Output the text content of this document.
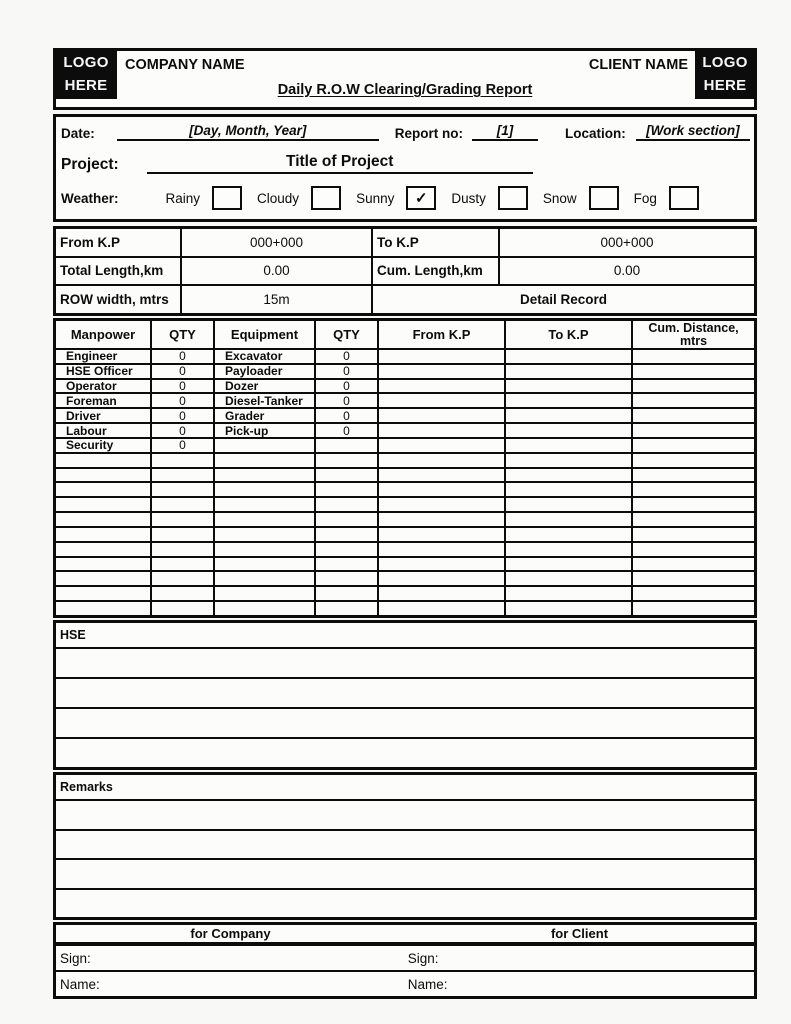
LOGO
HERE
COMPANY NAME	CLIENT NAME LOGO
HERE
Daily R.O.W Clearing/Grading Report
Date:	[Day, Month, Year]	Report no:	[1]	Location:	[Work section]
Project:	Title of Project
Weather:	Rainy	Cloudy	Sunny	✓	Dusty	Snow	Fog
From K.P	000+000	To K.P	000+000
Total Length,km	0.00	Cum. Length,km	0.00
ROW width, mtrs	15m	Detail Record
Manpower	QTY	Equipment	QTY	From K.P	To K.P	Cum. Distance,
mtrs
Engineer	0	Excavator	0
HSE Officer	0	Payloader	0
Operator	0	Dozer	0
Foreman	0	Diesel-Tanker	0
Driver	0	Grader	0
Labour	0	Pick-up	0
Security	0
HSE
Remarks
for Company	for Client
Sign:	Sign:
Name:	Name:
